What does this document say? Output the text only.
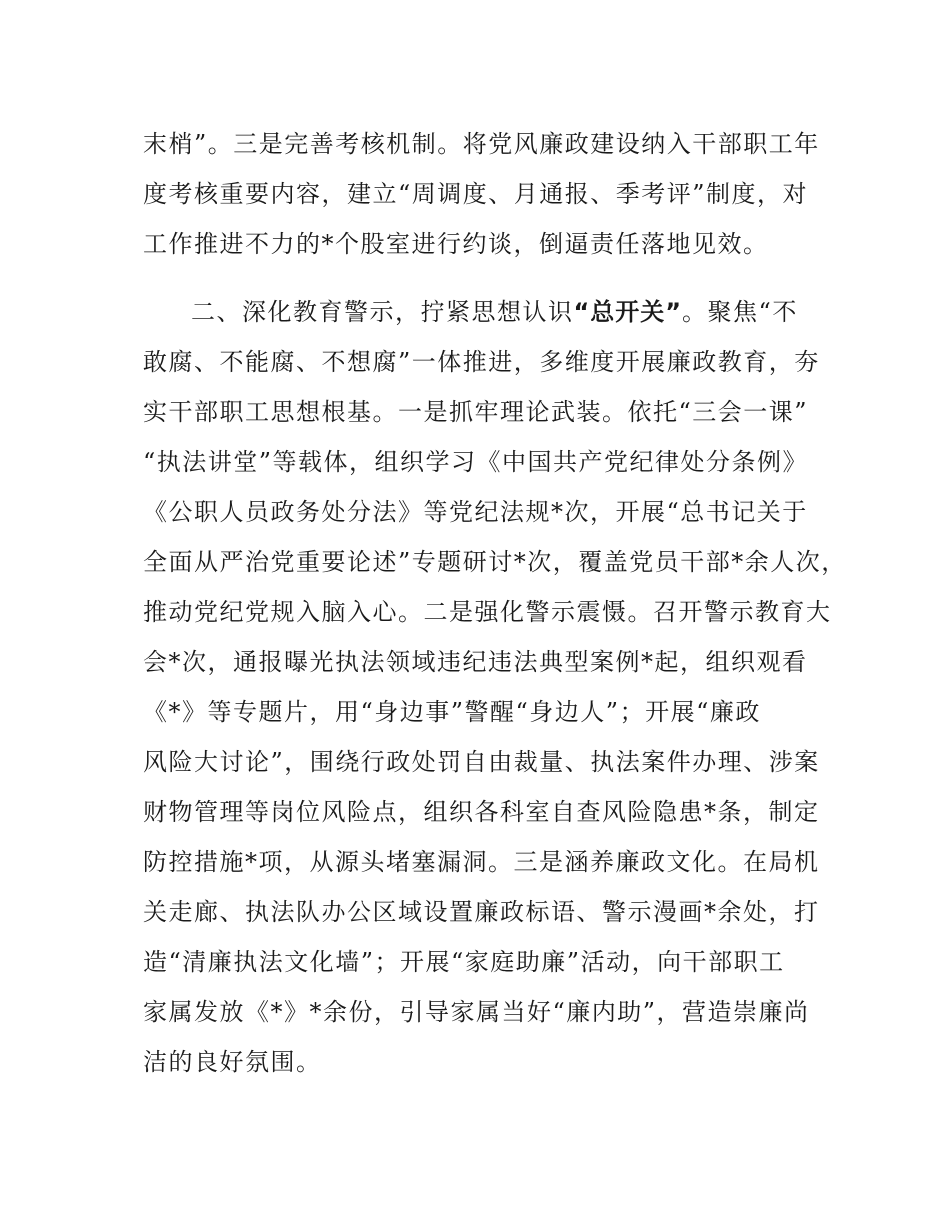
末梢”。三是完善考核机制。将党风廉政建设纳入干部职工年
度考核重要内容，建立“周调度、月通报、季考评”制度，对
工作推进不力的*个股室进行约谈，倒逼责任落地见效。
二、深化教育警示，拧紧思想认识“总开关”。聚焦“不
敢腐、不能腐、不想腐”一体推进，多维度开展廉政教育，夯
实干部职工思想根基。一是抓牢理论武装。依托“三会一课”
“执法讲堂”等载体，组织学习《中国共产党纪律处分条例》
《公职人员政务处分法》等党纪法规*次，开展“总书记关于
全面从严治党重要论述”专题研讨*次，覆盖党员干部*余人次，
推动党纪党规入脑入心。二是强化警示震慑。召开警示教育大
会*次，通报曝光执法领域违纪违法典型案例*起，组织观看
《*》等专题片，用“身边事”警醒“身边人”；开展“廉政
风险大讨论”，围绕行政处罚自由裁量、执法案件办理、涉案
财物管理等岗位风险点，组织各科室自查风险隐患*条，制定
防控措施*项，从源头堵塞漏洞。三是涵养廉政文化。在局机
关走廊、执法队办公区域设置廉政标语、警示漫画*余处，打
造“清廉执法文化墙”；开展“家庭助廉”活动，向干部职工
家属发放《*》*余份，引导家属当好“廉内助”，营造崇廉尚
洁的良好氛围。
